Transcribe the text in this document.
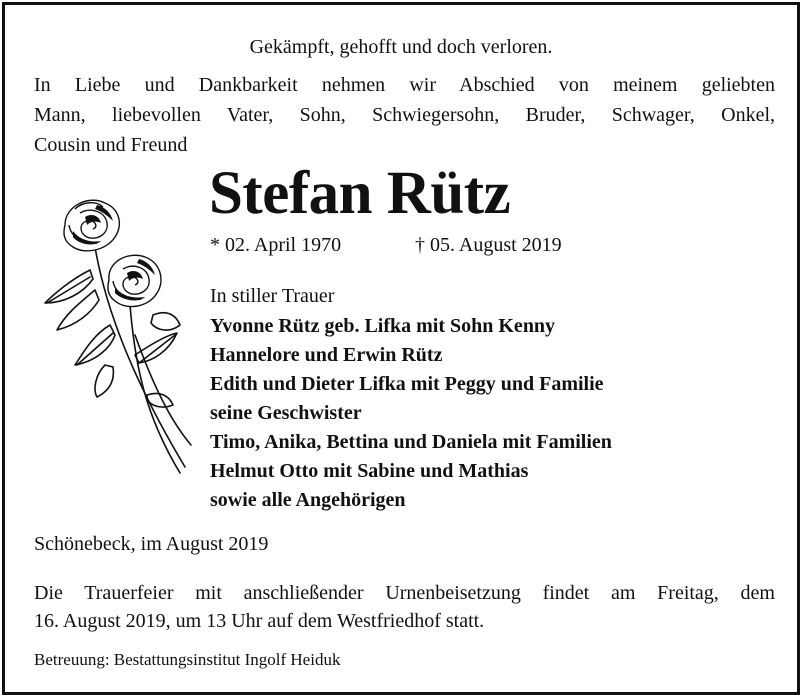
Gekämpft, gehofft und doch verloren.
In Liebe und Dankbarkeit nehmen wir Abschied von meinem geliebten
Mann, liebevollen Vater, Sohn, Schwiegersohn, Bruder, Schwager, Onkel,
Cousin und Freund
Stefan Rütz
* 02. April 1970	† 05. August 2019
In stiller Trauer
Yvonne Rütz geb. Lifka mit Sohn Kenny
Hannelore und Erwin Rütz
Edith und Dieter Lifka mit Peggy und Familie
seine Geschwister
Timo, Anika, Bettina und Daniela mit Familien
Helmut Otto mit Sabine und Mathias
sowie alle Angehörigen
Schönebeck, im August 2019
Die Trauerfeier mit anschließender Urnenbeisetzung findet am Freitag, dem
16. August 2019, um 13 Uhr auf dem Westfriedhof statt.
Betreuung: Bestattungsinstitut Ingolf Heiduk
